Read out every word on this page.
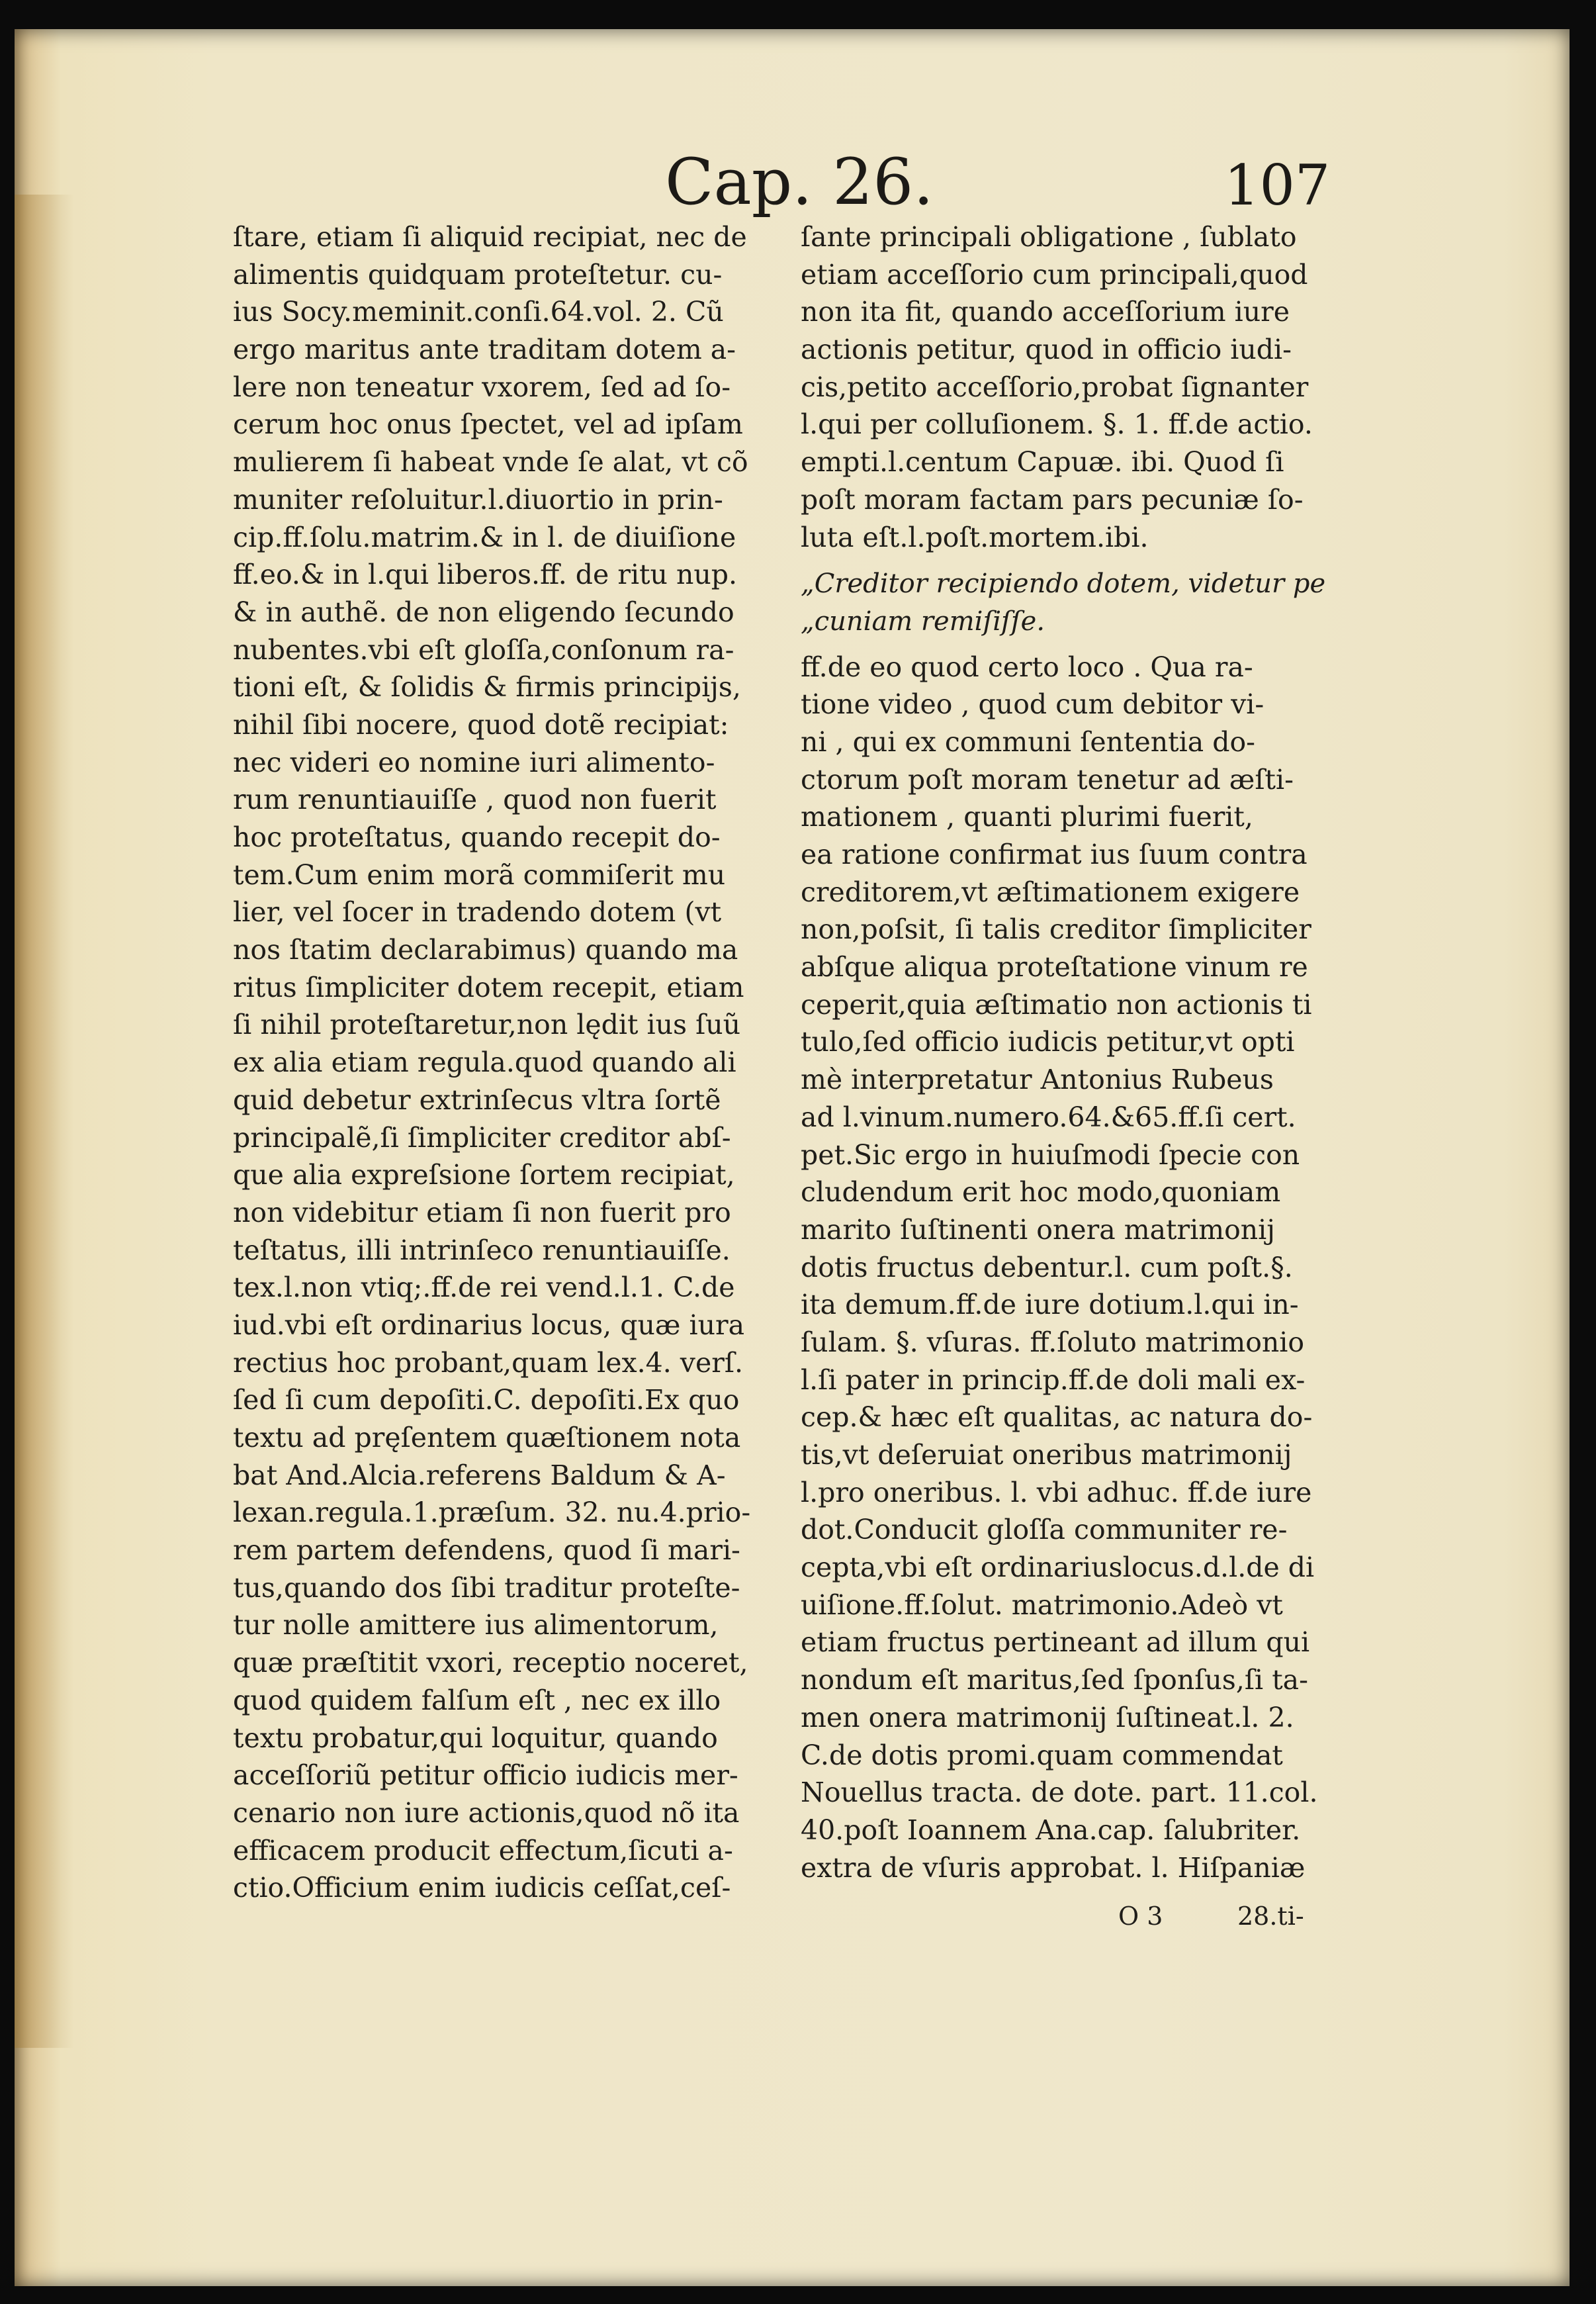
Cap. 26.	107
ſtare, etiam ſi aliquid recipiat, nec de
alimentis quidquam proteſtetur. cu-
ius Socy.meminit.conſi.64.vol. 2. Cũ
ergo maritus ante traditam dotem a-
lere non teneatur vxorem, ſed ad ſo-
cerum hoc onus ſpectet, vel ad ipſam
mulierem ſi habeat vnde ſe alat, vt cõ
muniter reſoluitur.l.diuortio in prin-
cip.ff.ſolu.matrim.& in l. de diuiſione
ff.eo.& in l.qui liberos.ff. de ritu nup.
& in authẽ. de non eligendo ſecundo
nubentes.vbi eſt gloſſa,conſonum ra-
tioni eſt, & ſolidis & firmis principijs,
nihil ſibi nocere, quod dotẽ recipiat:
nec videri eo nomine iuri alimento-
rum renuntiauiſſe , quod non fuerit
hoc proteſtatus, quando recepit do-
tem.Cum enim morã commiſerit mu
lier, vel ſocer in tradendo dotem (vt
nos ſtatim declarabimus) quando ma
ritus ſimpliciter dotem recepit, etiam
ſi nihil proteſtaretur,non lędit ius ſuũ
ex alia etiam regula.quod quando ali
quid debetur extrinſecus vltra ſortẽ
principalẽ,ſi ſimpliciter creditor abſ-
que alia expreſsione ſortem recipiat,
non videbitur etiam ſi non fuerit pro
teſtatus, illi intrinſeco renuntiauiſſe.
tex.l.non vtiq;.ff.de rei vend.l.1. C.de
iud.vbi eſt ordinarius locus, quæ iura
rectius hoc probant,quam lex.4. verſ.
ſed ſi cum depoſiti.C. depoſiti.Ex quo
textu ad pręſentem quæſtionem nota
bat And.Alcia.referens Baldum & A-
lexan.regula.1.præſum. 32. nu.4.prio-
rem partem defendens, quod ſi mari-
tus,quando dos ſibi traditur proteſte-
tur nolle amittere ius alimentorum,
quæ præſtitit vxori, receptio noceret,
quod quidem falſum eſt , nec ex illo
textu probatur,qui loquitur, quando
acceſſoriũ petitur officio iudicis mer-
cenario non iure actionis,quod nõ ita
efficacem producit effectum,ſicuti a-
ctio.Officium enim iudicis ceſſat,ceſ-
ſante principali obligatione , ſublato
etiam acceſſorio cum principali,quod
non ita fit, quando acceſſorium iure
actionis petitur, quod in officio iudi-
cis,petito acceſſorio,probat ſignanter
l.qui per colluſionem. §. 1. ff.de actio.
empti.l.centum Capuæ. ibi. Quod ſi
poſt moram factam pars pecuniæ ſo-
luta eſt.l.poſt.mortem.ibi.
„Creditor recipiendo dotem, videtur pe
„cuniam remiſiſſe.
ff.de eo quod certo loco . Qua ra-
tione video , quod cum debitor vi-
ni , qui ex communi ſententia do-
ctorum poſt moram tenetur ad æſti-
mationem , quanti plurimi fuerit,
ea ratione confirmat ius ſuum contra
creditorem,vt æſtimationem exigere
non,poſsit, ſi talis creditor ſimpliciter
abſque aliqua proteſtatione vinum re
ceperit,quia æſtimatio non actionis ti
tulo,ſed officio iudicis petitur,vt opti
mè interpretatur Antonius Rubeus
ad l.vinum.numero.64.&65.ff.ſi cert.
pet.Sic ergo in huiuſmodi ſpecie con
cludendum erit hoc modo,quoniam
marito ſuſtinenti onera matrimonij
dotis fructus debentur.l. cum poſt.§.
ita demum.ff.de iure dotium.l.qui in-
ſulam. §. vſuras. ff.ſoluto matrimonio
l.ſi pater in princip.ff.de doli mali ex-
cep.& hæc eſt qualitas, ac natura do-
tis,vt deſeruiat oneribus matrimonij
l.pro oneribus. l. vbi adhuc. ff.de iure
dot.Conducit gloſſa communiter re-
cepta,vbi eſt ordinariuslocus.d.l.de di
uiſione.ff.ſolut. matrimonio.Adeò vt
etiam fructus pertineant ad illum qui
nondum eſt maritus,ſed ſponſus,ſi ta-
men onera matrimonij ſuſtineat.l. 2.
C.de dotis promi.quam commendat
Nouellus tracta. de dote. part. 11.col.
40.poſt Ioannem Ana.cap. ſalubriter.
extra de vſuris approbat. l. Hiſpaniæ
O 3	28.ti-
